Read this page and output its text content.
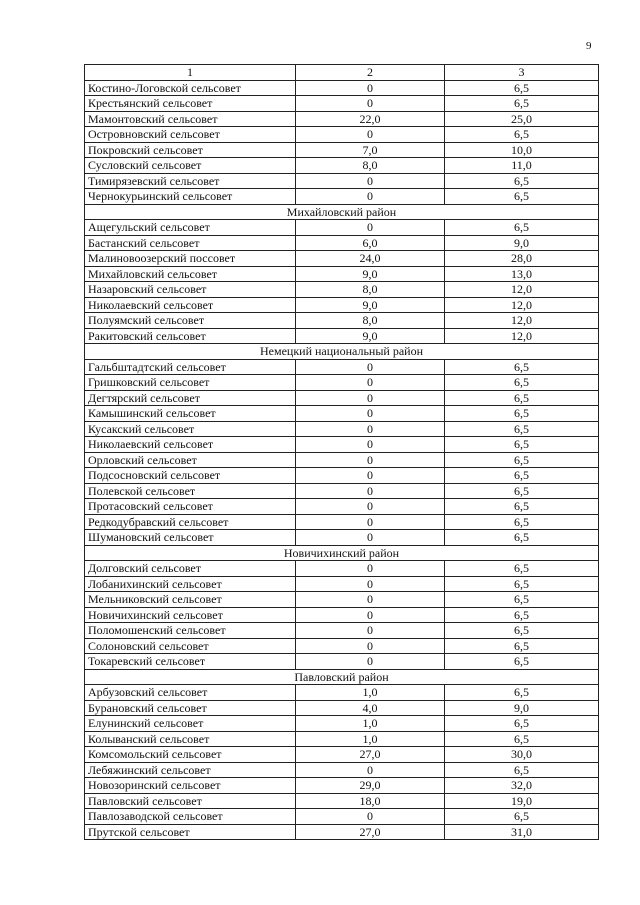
9
1	2	3
Костино-Логовской сельсовет	0	6,5
Крестьянский сельсовет	0	6,5
Мамонтовский сельсовет	22,0	25,0
Островновский сельсовет	0	6,5
Покровский сельсовет	7,0	10,0
Сусловский сельсовет	8,0	11,0
Тимирязевский сельсовет	0	6,5
Чернокурьинский сельсовет	0	6,5
Михайловский район		
Ащегульский сельсовет	0	6,5
Бастанский сельсовет	6,0	9,0
Малиновоозерский поссовет	24,0	28,0
Михайловский сельсовет	9,0	13,0
Назаровский сельсовет	8,0	12,0
Николаевский сельсовет	9,0	12,0
Полуямский сельсовет	8,0	12,0
Ракитовский сельсовет	9,0	12,0
Немецкий национальный район		
Гальбштадтский сельсовет	0	6,5
Гришковский сельсовет	0	6,5
Дегтярский сельсовет	0	6,5
Камышинский сельсовет	0	6,5
Кусакский сельсовет	0	6,5
Николаевский сельсовет	0	6,5
Орловский сельсовет	0	6,5
Подсосновский сельсовет	0	6,5
Полевской сельсовет	0	6,5
Протасовский сельсовет	0	6,5
Редкодубравский сельсовет	0	6,5
Шумановский сельсовет	0	6,5
Новичихинский район		
Долговский сельсовет	0	6,5
Лобанихинский сельсовет	0	6,5
Мельниковский сельсовет	0	6,5
Новичихинский сельсовет	0	6,5
Поломошенский сельсовет	0	6,5
Солоновский сельсовет	0	6,5
Токаревский сельсовет	0	6,5
Павловский район		
Арбузовский сельсовет	1,0	6,5
Бурановский сельсовет	4,0	9,0
Елунинский сельсовет	1,0	6,5
Колыванский сельсовет	1,0	6,5
Комсомольский сельсовет	27,0	30,0
Лебяжинский сельсовет	0	6,5
Новозоринский сельсовет	29,0	32,0
Павловский сельсовет	18,0	19,0
Павлозаводской сельсовет	0	6,5
Прутской сельсовет	27,0	31,0
